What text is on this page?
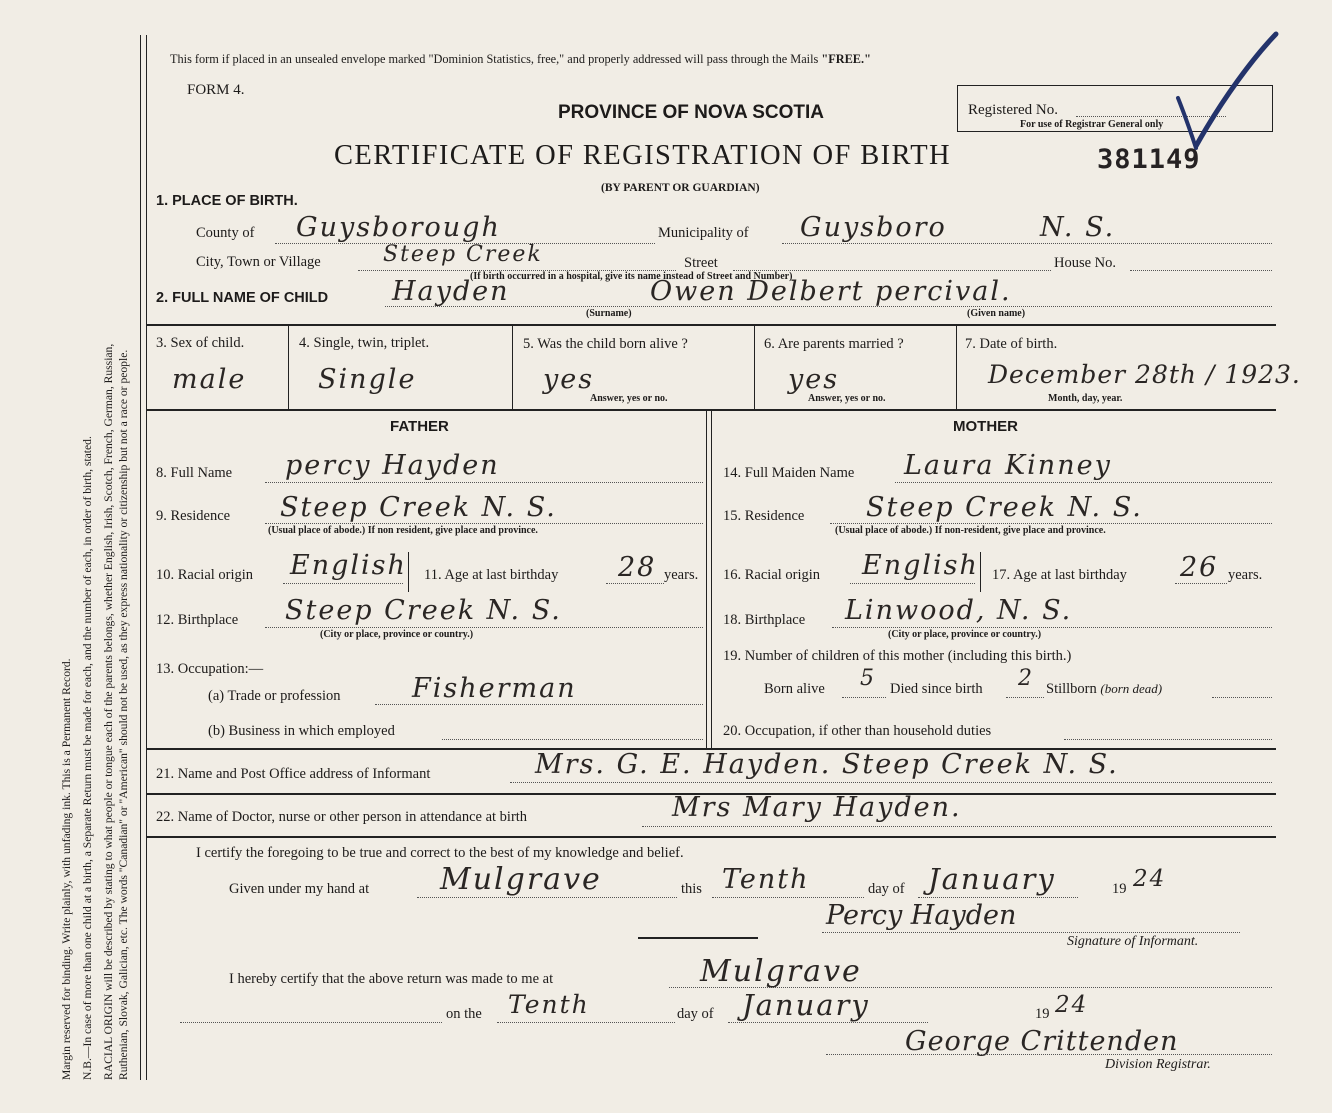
Margin reserved for binding. Write plainly, with unfading ink. This is a Permanent Record. N.B.—In case of more than one child at a birth, a Separate Return must be made for each, and the number of each, in order of birth, stated. RACIAL ORIGIN will be described by stating to what people or tongue each of the parents belongs, whether English, Irish, Scotch, French, German, Russian, Ruthenian, Slovak, Galician, etc. The words "Canadian" or "American" should not be used, as they express nationality or citizenship but not a race or people.
This form if placed in an unsealed envelope marked "Dominion Statistics, free," and properly addressed will pass through the Mails "FREE."
FORM 4.
PROVINCE OF NOVA SCOTIA
CERTIFICATE OF REGISTRATION OF BIRTH
(BY PARENT OR GUARDIAN)
Registered No.
For use of Registrar General only
381149
1. PLACE OF BIRTH.
County of Guysborough	Municipality of Guysboro	N. S.
City, Town or Village	Steep Creek	Street	House No.
(If birth occurred in a hospital, give its name instead of Street and Number)
2. FULL NAME OF CHILD Hayden	Owen Delbert percival.
(Surname)	(Given name)
3. Sex of child.
male
4. Single, twin, triplet.
Single
5. Was the child born alive ?
yes
Answer, yes or no.
6. Are parents married ?
yes
Answer, yes or no.
7. Date of birth.
December 28th / 1923.
Month, day, year.
FATHER	MOTHER
8. Full Name percy Hayden
9. Residence Steep Creek N. S.
(Usual place of abode.) If non resident, give place and province.
10. Racial origin English 11. Age at last birthday 28 years.
12. Birthplace Steep Creek N. S.
(City or place, province or country.)
13. Occupation:—
(a) Trade or profession	Fisherman
(b) Business in which employed
14. Full Maiden Name Laura Kinney
15. Residence Steep Creek N. S.
(Usual place of abode.) If non-resident, give place and province.
16. Racial origin English 17. Age at last birthday 26 years.
18. Birthplace Linwood, N. S.
(City or place, province or country.)
19. Number of children of this mother (including this birth.)
Born alive 5 Died since birth 2 Stillborn (born dead)
20. Occupation, if other than household duties
21. Name and Post Office address of Informant	Mrs. G. E. Hayden. Steep Creek N. S.
22. Name of Doctor, nurse or other person in attendance at birth	Mrs Mary Hayden.
I certify the foregoing to be true and correct to the best of my knowledge and belief.
Given under my hand at Mulgrave	this Tenth	day of January	19 24
Percy Hayden
Signature of Informant.
I hereby certify that the above return was made to me at	Mulgrave
on the Tenth	day of January	19 24
George Crittenden
Division Registrar.
